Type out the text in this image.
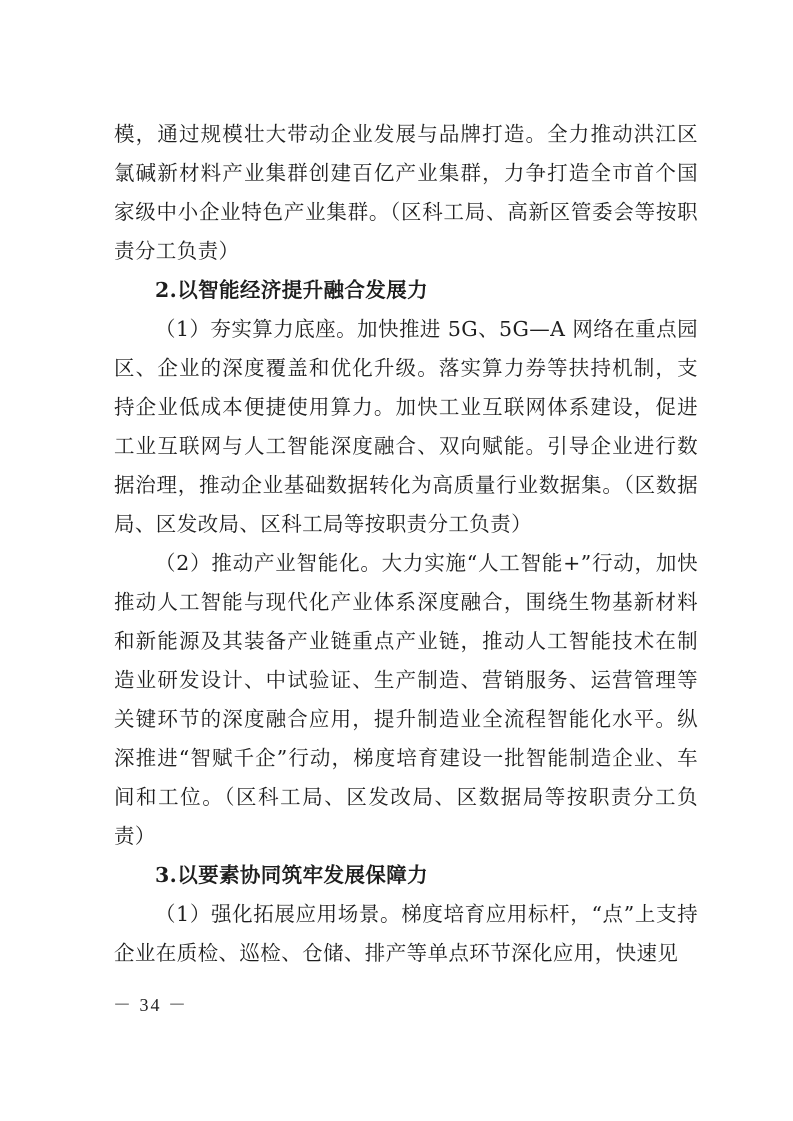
模，通过规模壮大带动企业发展与品牌打造。全力推动洪江区氯碱新材料产业集群创建百亿产业集群，力争打造全市首个国家级中小企业特色产业集群。（区科工局、高新区管委会等按职责分工负责）

2.以智能经济提升融合发展力

（1）夯实算力底座。加快推进 5G、5G—A 网络在重点园区、企业的深度覆盖和优化升级。落实算力券等扶持机制，支持企业低成本便捷使用算力。加快工业互联网体系建设，促进工业互联网与人工智能深度融合、双向赋能。引导企业进行数据治理，推动企业基础数据转化为高质量行业数据集。（区数据局、区发改局、区科工局等按职责分工负责）

（2）推动产业智能化。大力实施“人工智能+”行动，加快推动人工智能与现代化产业体系深度融合，围绕生物基新材料和新能源及其装备产业链重点产业链，推动人工智能技术在制造业研发设计、中试验证、生产制造、营销服务、运营管理等关键环节的深度融合应用，提升制造业全流程智能化水平。纵深推进“智赋千企”行动，梯度培育建设一批智能制造企业、车间和工位。（区科工局、区发改局、区数据局等按职责分工负责）

3.以要素协同筑牢发展保障力

（1）强化拓展应用场景。梯度培育应用标杆，“点”上支持企业在质检、巡检、仓储、排产等单点环节深化应用，快速见

－ 34 －
